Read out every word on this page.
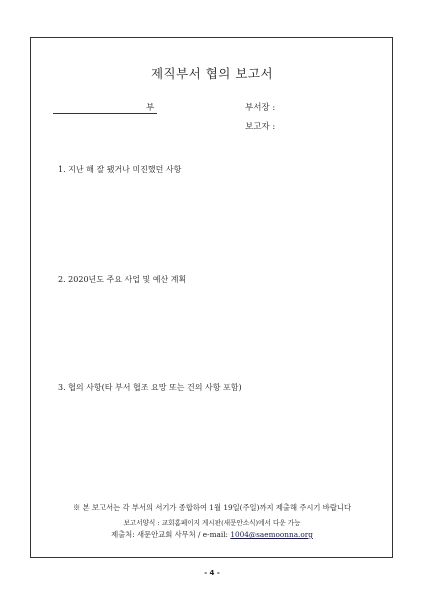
제직부서 협의 보고서
부	부서장 :
보고자 :
1. 지난 해 잘 됐거나 미진했던 사항
2. 2020년도 주요 사업 및 예산 계획
3. 협의 사항(타 부서 협조 요망 또는 건의 사항 포함)
※ 본 보고서는 각 부서의 서기가 종합하여 1월 19일(주일)까지 제출해 주시기 바랍니다
보고서양식 : 교회홈페이지 게시판(새문안소식)에서 다운 가능
제출처: 새문안교회 사무처 / e-mail: 1004@saemoonna.org
- 4 -
